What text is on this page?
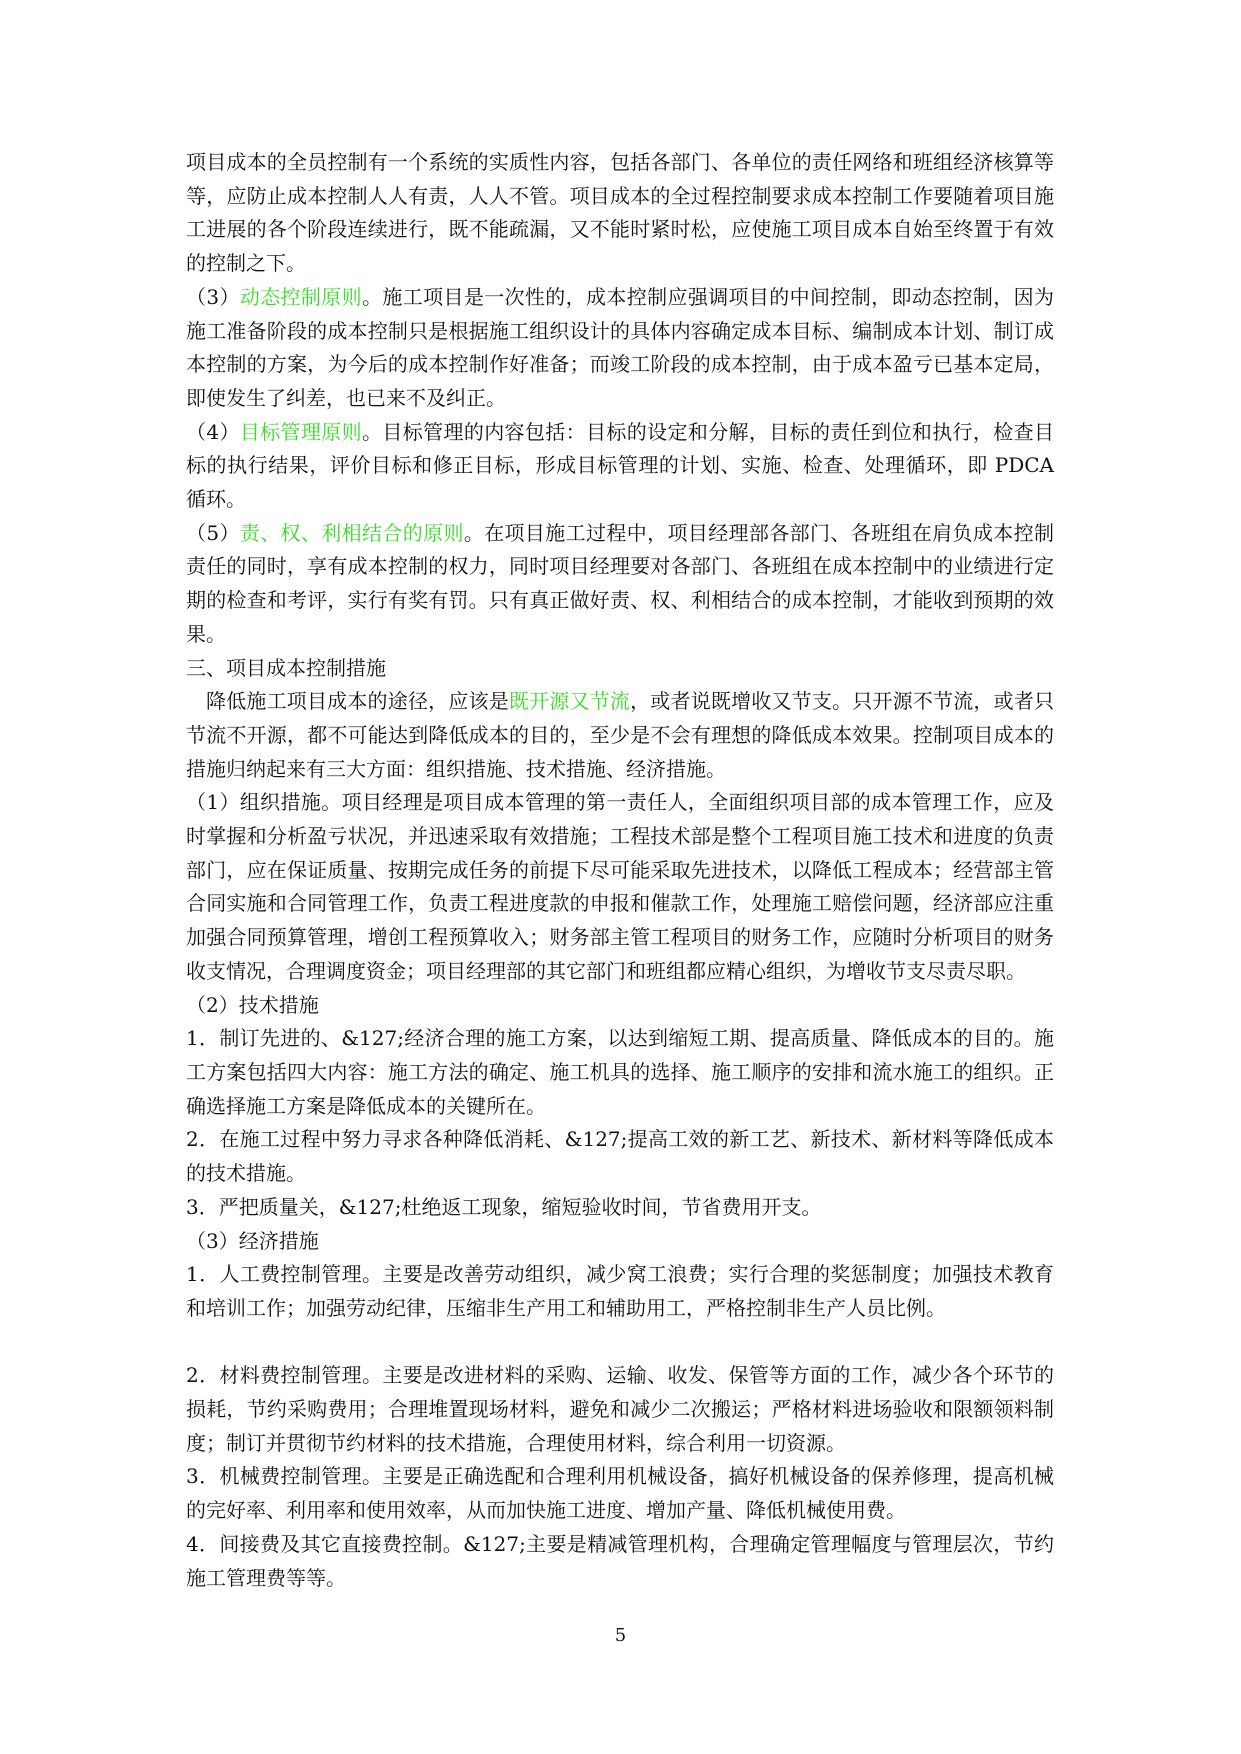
项目成本的全员控制有一个系统的实质性内容，包括各部门、各单位的责任网络和班组经济核算等等，应防止成本控制人人有责，人人不管。项目成本的全过程控制要求成本控制工作要随着项目施工进展的各个阶段连续进行，既不能疏漏，又不能时紧时松，应使施工项目成本自始至终置于有效的控制之下。

（3）动态控制原则。施工项目是一次性的，成本控制应强调项目的中间控制，即动态控制，因为施工准备阶段的成本控制只是根据施工组织设计的具体内容确定成本目标、编制成本计划、制订成本控制的方案，为今后的成本控制作好准备；而竣工阶段的成本控制，由于成本盈亏已基本定局，即使发生了纠差，也已来不及纠正。

（4）目标管理原则。目标管理的内容包括：目标的设定和分解，目标的责任到位和执行，检查目标的执行结果，评价目标和修正目标，形成目标管理的计划、实施、检查、处理循环，即 PDCA 循环。

（5）责、权、利相结合的原则。在项目施工过程中，项目经理部各部门、各班组在肩负成本控制责任的同时，享有成本控制的权力，同时项目经理要对各部门、各班组在成本控制中的业绩进行定期的检查和考评，实行有奖有罚。只有真正做好责、权、利相结合的成本控制，才能收到预期的效果。

三、项目成本控制措施

降低施工项目成本的途径，应该是既开源又节流，或者说既增收又节支。只开源不节流，或者只节流不开源，都不可能达到降低成本的目的，至少是不会有理想的降低成本效果。控制项目成本的措施归纳起来有三大方面：组织措施、技术措施、经济措施。

（1）组织措施。项目经理是项目成本管理的第一责任人，全面组织项目部的成本管理工作，应及时掌握和分析盈亏状况，并迅速采取有效措施；工程技术部是整个工程项目施工技术和进度的负责部门，应在保证质量、按期完成任务的前提下尽可能采取先进技术，以降低工程成本；经营部主管合同实施和合同管理工作，负责工程进度款的申报和催款工作，处理施工赔偿问题，经济部应注重加强合同预算管理，增创工程预算收入；财务部主管工程项目的财务工作，应随时分析项目的财务收支情况，合理调度资金；项目经理部的其它部门和班组都应精心组织，为增收节支尽责尽职。

（2）技术措施

1．制订先进的、&127;经济合理的施工方案，以达到缩短工期、提高质量、降低成本的目的。施工方案包括四大内容：施工方法的确定、施工机具的选择、施工顺序的安排和流水施工的组织。正确选择施工方案是降低成本的关键所在。

2．在施工过程中努力寻求各种降低消耗、&127;提高工效的新工艺、新技术、新材料等降低成本的技术措施。

3．严把质量关，&127;杜绝返工现象，缩短验收时间，节省费用开支。

（3）经济措施

1．人工费控制管理。主要是改善劳动组织，减少窝工浪费；实行合理的奖惩制度；加强技术教育和培训工作；加强劳动纪律，压缩非生产用工和辅助用工，严格控制非生产人员比例。

2．材料费控制管理。主要是改进材料的采购、运输、收发、保管等方面的工作，减少各个环节的损耗，节约采购费用；合理堆置现场材料，避免和减少二次搬运；严格材料进场验收和限额领料制度；制订并贯彻节约材料的技术措施，合理使用材料，综合利用一切资源。

3．机械费控制管理。主要是正确选配和合理利用机械设备，搞好机械设备的保养修理，提高机械的完好率、利用率和使用效率，从而加快施工进度、增加产量、降低机械使用费。

4．间接费及其它直接费控制。&127;主要是精减管理机构，合理确定管理幅度与管理层次，节约施工管理费等等。

5
